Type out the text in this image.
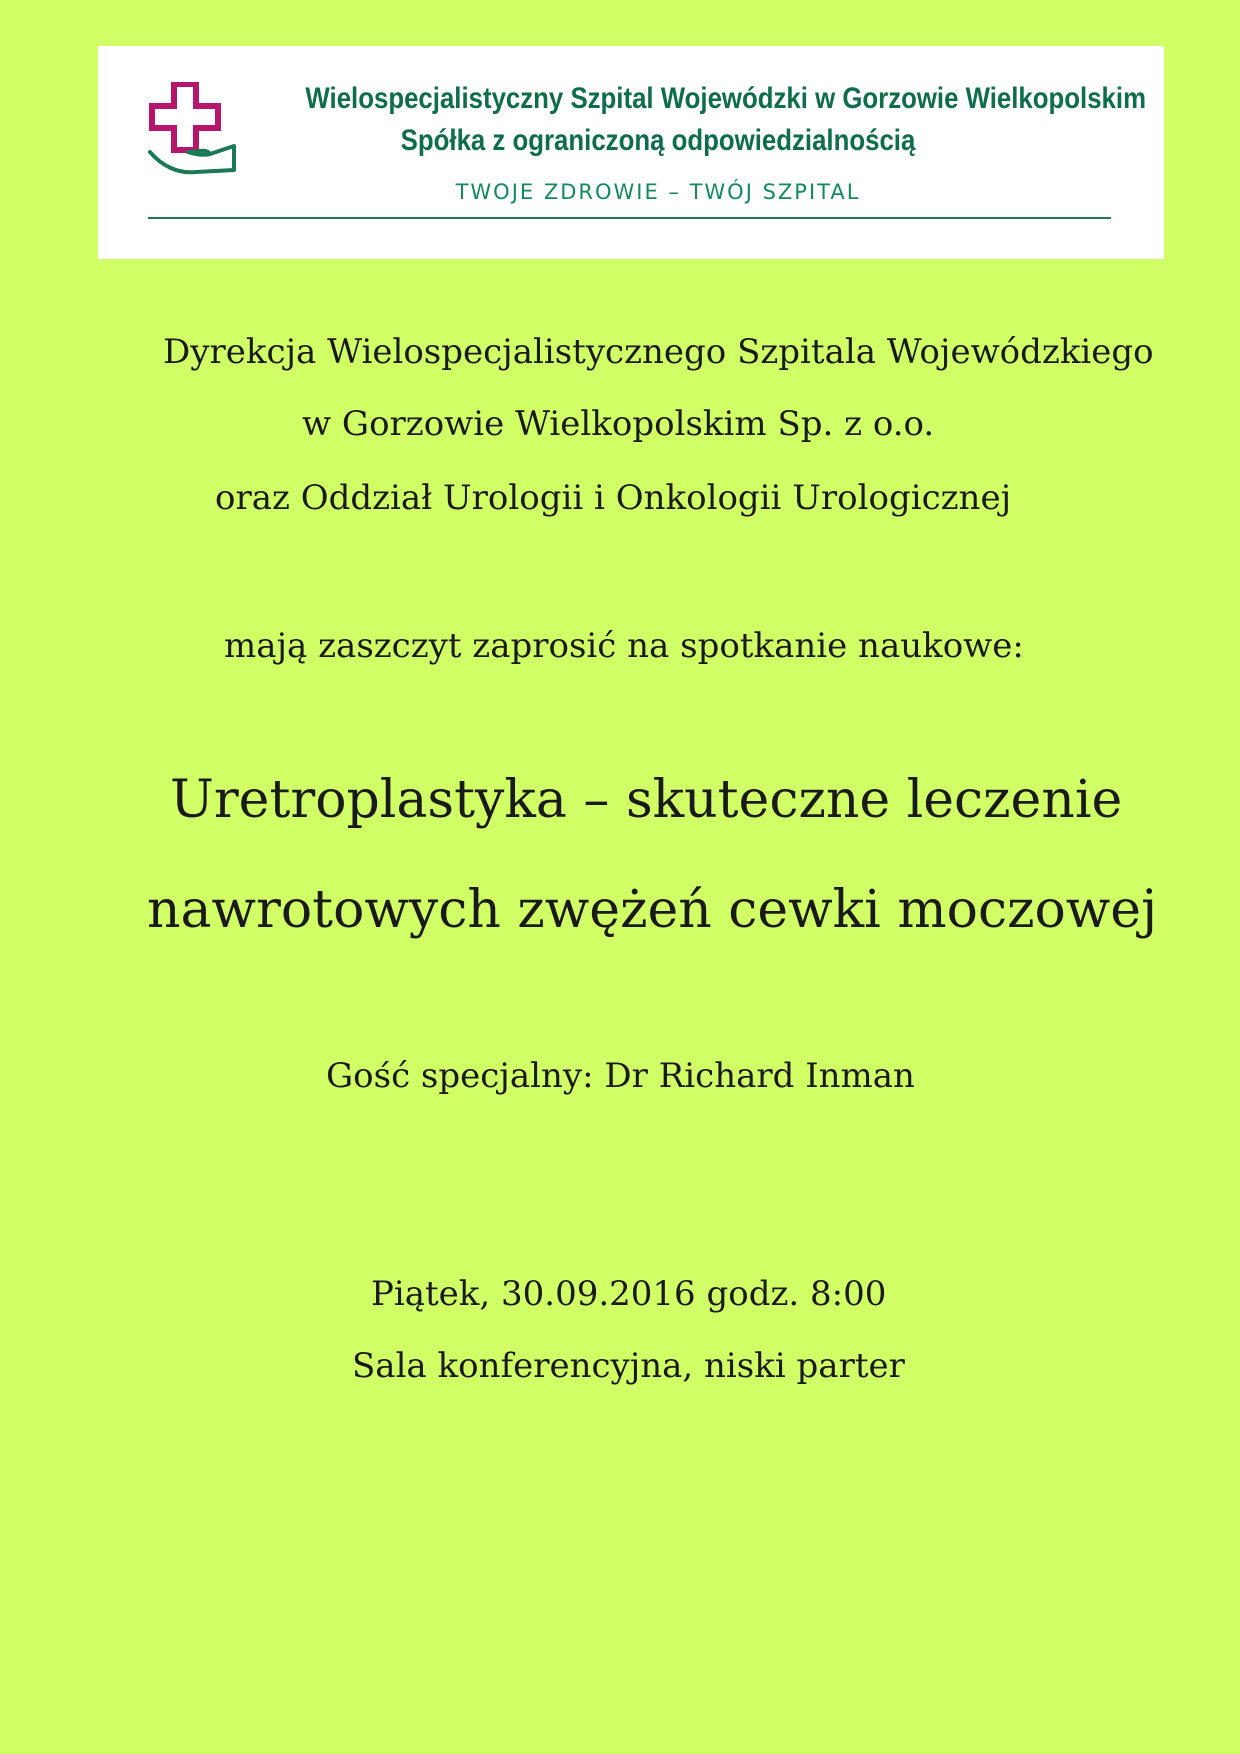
Wielospecjalistyczny Szpital Wojewódzki w Gorzowie Wielkopolskim
Spółka z ograniczoną odpowiedzialnością
TWOJE ZDROWIE – TWÓJ SZPITAL
Dyrekcja Wielospecjalistycznego Szpitala Wojewódzkiego
w Gorzowie Wielkopolskim Sp. z o.o.
oraz Oddział Urologii i Onkologii Urologicznej
mają zaszczyt zaprosić na spotkanie naukowe:
Uretroplastyka – skuteczne leczenie
nawrotowych zwężeń cewki moczowej
Gość specjalny: Dr Richard Inman
Piątek, 30.09.2016 godz. 8:00
Sala konferencyjna, niski parter
